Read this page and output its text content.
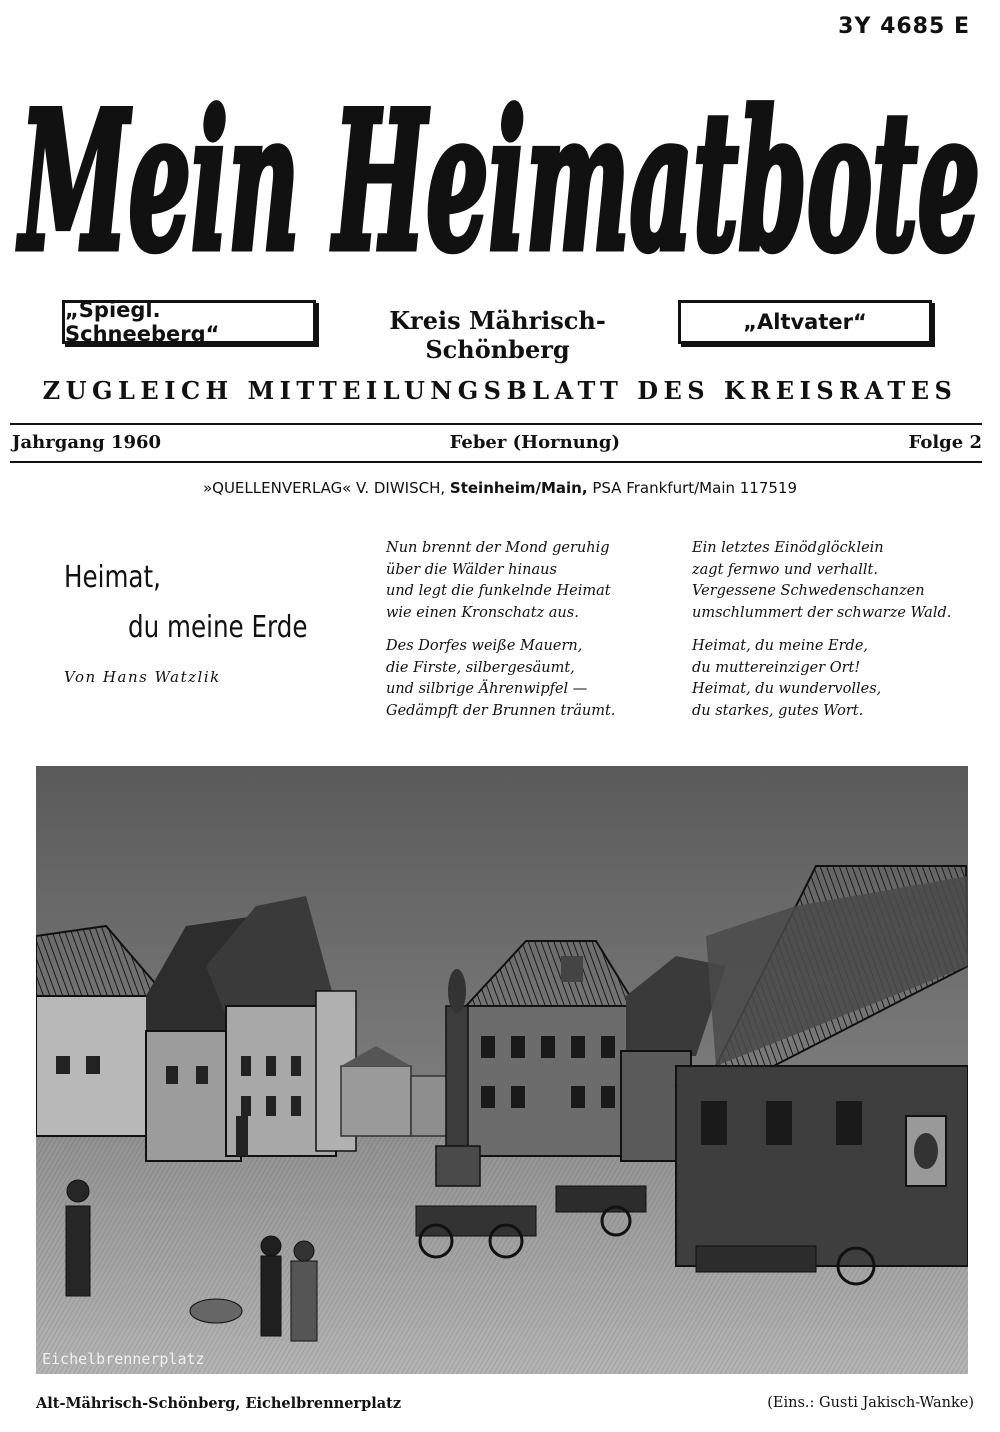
3Y 4685 E
Mein Heimatbote
„Spiegl. Schneeberg“	Kreis Mährisch-Schönberg
„Altvater“
ZUGLEICH MITTEILUNGSBLATT DES KREISRATES
Jahrgang 1960	Feber (Hornung)	Folge 2
»QUELLENVERLAG« V. DIWISCH, Steinheim/Main, PSA Frankfurt/Main 117519
Heimat,
du meine Erde
Von Hans Watzlik
Nun brennt der Mond geruhig
über die Wälder hinaus
und legt die funkelnde Heimat
wie einen Kronschatz aus.
Des Dorfes weiße Mauern,
die Firste, silbergesäumt,
und silbrige Ährenwipfel —
Gedämpft der Brunnen träumt.
Ein letztes Einödglöcklein
zagt fernwo und verhallt.
Vergessene Schwedenschanzen
umschlummert der schwarze Wald.
Heimat, du meine Erde,
du muttereinziger Ort!
Heimat, du wundervolles,
du starkes, gutes Wort.
Eichelbrennerplatz
Alt-Mährisch-Schönberg, Eichelbrennerplatz	(Eins.: Gusti Jakisch-Wanke)
